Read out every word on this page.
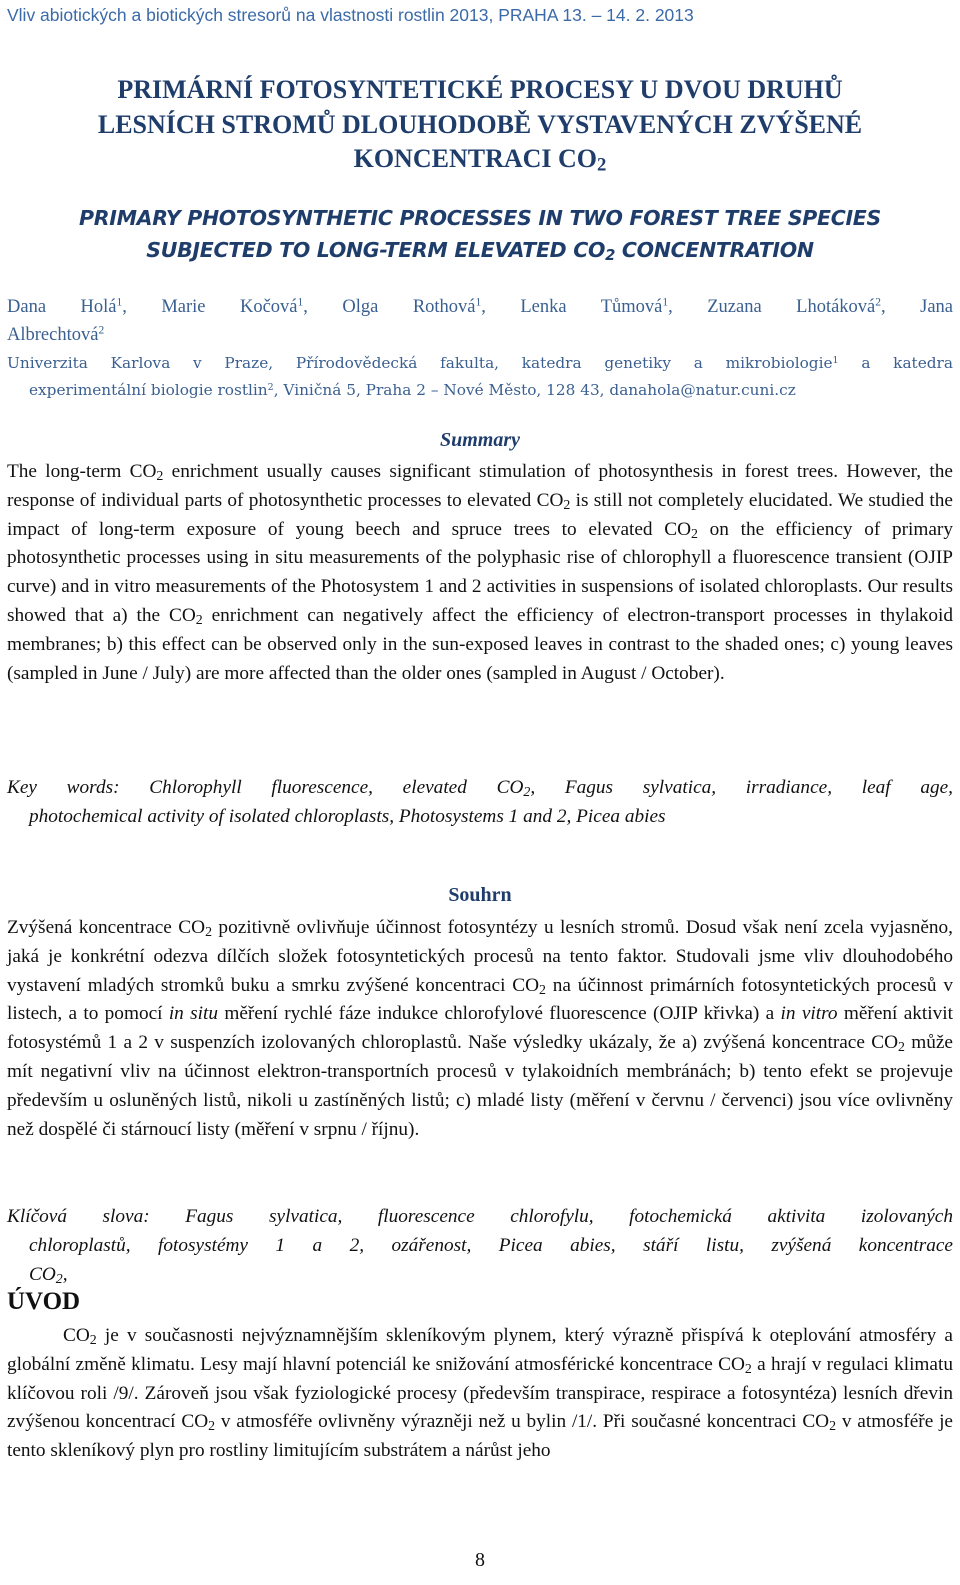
Vliv abiotických a biotických stresorů na vlastnosti rostlin 2013, PRAHA 13. – 14. 2. 2013
PRIMÁRNÍ FOTOSYNTETICKÉ PROCESY U DVOU DRUHŮ
LESNÍCH STROMŮ DLOUHODOBĚ VYSTAVENÝCH ZVÝŠENÉ
KONCENTRACI $CO_2$
PRIMARY PHOTOSYNTHETIC PROCESSES IN TWO FOREST TREE SPECIES
SUBJECTED TO LONG-TERM ELEVATED $CO_2$ CONCENTRATION
Dana Holá$^1$, Marie Kočová$^1$, Olga Rothová$^1$, Lenka Tůmová$^1$, Zuzana Lhotáková$^2$, Jana
Albrechtová$^2$
Univerzita Karlova v Praze, Přírodovědecká fakulta, katedra genetiky a mikrobiologie$^1$ a katedra
experimentální biologie rostlin$^2$, Viničná 5, Praha 2 – Nové Město, 128 43, danahola@natur.cuni.cz
Summary
The long-term $CO_2$ enrichment usually causes significant stimulation of photosynthesis in forest trees. However, the response of individual parts of photosynthetic processes to elevated $CO_2$ is still not completely elucidated. We studied the impact of long-term exposure of young beech and spruce trees to elevated $CO_2$ on the efficiency of primary photosynthetic processes using in situ measurements of the polyphasic rise of chlorophyll a fluorescence transient (OJIP curve) and in vitro measurements of the Photosystem 1 and 2 activities in suspensions of isolated chloroplasts. Our results showed that a) the $CO_2$ enrichment can negatively affect the efficiency of electron-transport processes in thylakoid membranes; b) this effect can be observed only in the sun-exposed leaves in contrast to the shaded ones; c) young leaves (sampled in June / July) are more affected than the older ones (sampled in August / October).
Key words: Chlorophyll fluorescence, elevated $CO_2$, Fagus sylvatica, irradiance, leaf age,
photochemical activity of isolated chloroplasts, Photosystems 1 and 2, Picea abies
Souhrn
Zvýšená koncentrace $CO_2$ pozitivně ovlivňuje účinnost fotosyntézy u lesních stromů. Dosud však není zcela vyjasněno, jaká je konkrétní odezva dílčích složek fotosyntetických procesů na tento faktor. Studovali jsme vliv dlouhodobého vystavení mladých stromků buku a smrku zvýšené koncentraci $CO_2$ na účinnost primárních fotosyntetických procesů v listech, a to pomocí in situ měření rychlé fáze indukce chlorofylové fluorescence (OJIP křivka) a in vitro měření aktivit fotosystémů 1 a 2 v suspenzích izolovaných chloroplastů. Naše výsledky ukázaly, že a) zvýšená koncentrace $CO_2$ může mít negativní vliv na účinnost elektron-transportních procesů v tylakoidních membránách; b) tento efekt se projevuje především u osluněných listů, nikoli u zastíněných listů; c) mladé listy (měření v červnu / červenci) jsou více ovlivněny než dospělé či stárnoucí listy (měření v srpnu / říjnu).
Klíčová slova: Fagus sylvatica, fluorescence chlorofylu, fotochemická aktivita izolovaných
chloroplastů, fotosystémy 1 a 2, ozářenost, Picea abies, stáří listu, zvýšená koncentrace
$CO_2$,
ÚVOD
$CO_2$ je v současnosti nejvýznamnějším skleníkovým plynem, který výrazně přispívá k oteplování atmosféry a globální změně klimatu. Lesy mají hlavní potenciál ke snižování atmosférické koncentrace $CO_2$ a hrají v regulaci klimatu klíčovou roli /9/. Zároveň jsou však fyziologické procesy (především transpirace, respirace a fotosyntéza) lesních dřevin zvýšenou koncentrací $CO_2$ v atmosféře ovlivněny výrazněji než u bylin /1/. Při současné koncentraci $CO_2$ v atmosféře je tento skleníkový plyn pro rostliny limitujícím substrátem a nárůst jeho
8
